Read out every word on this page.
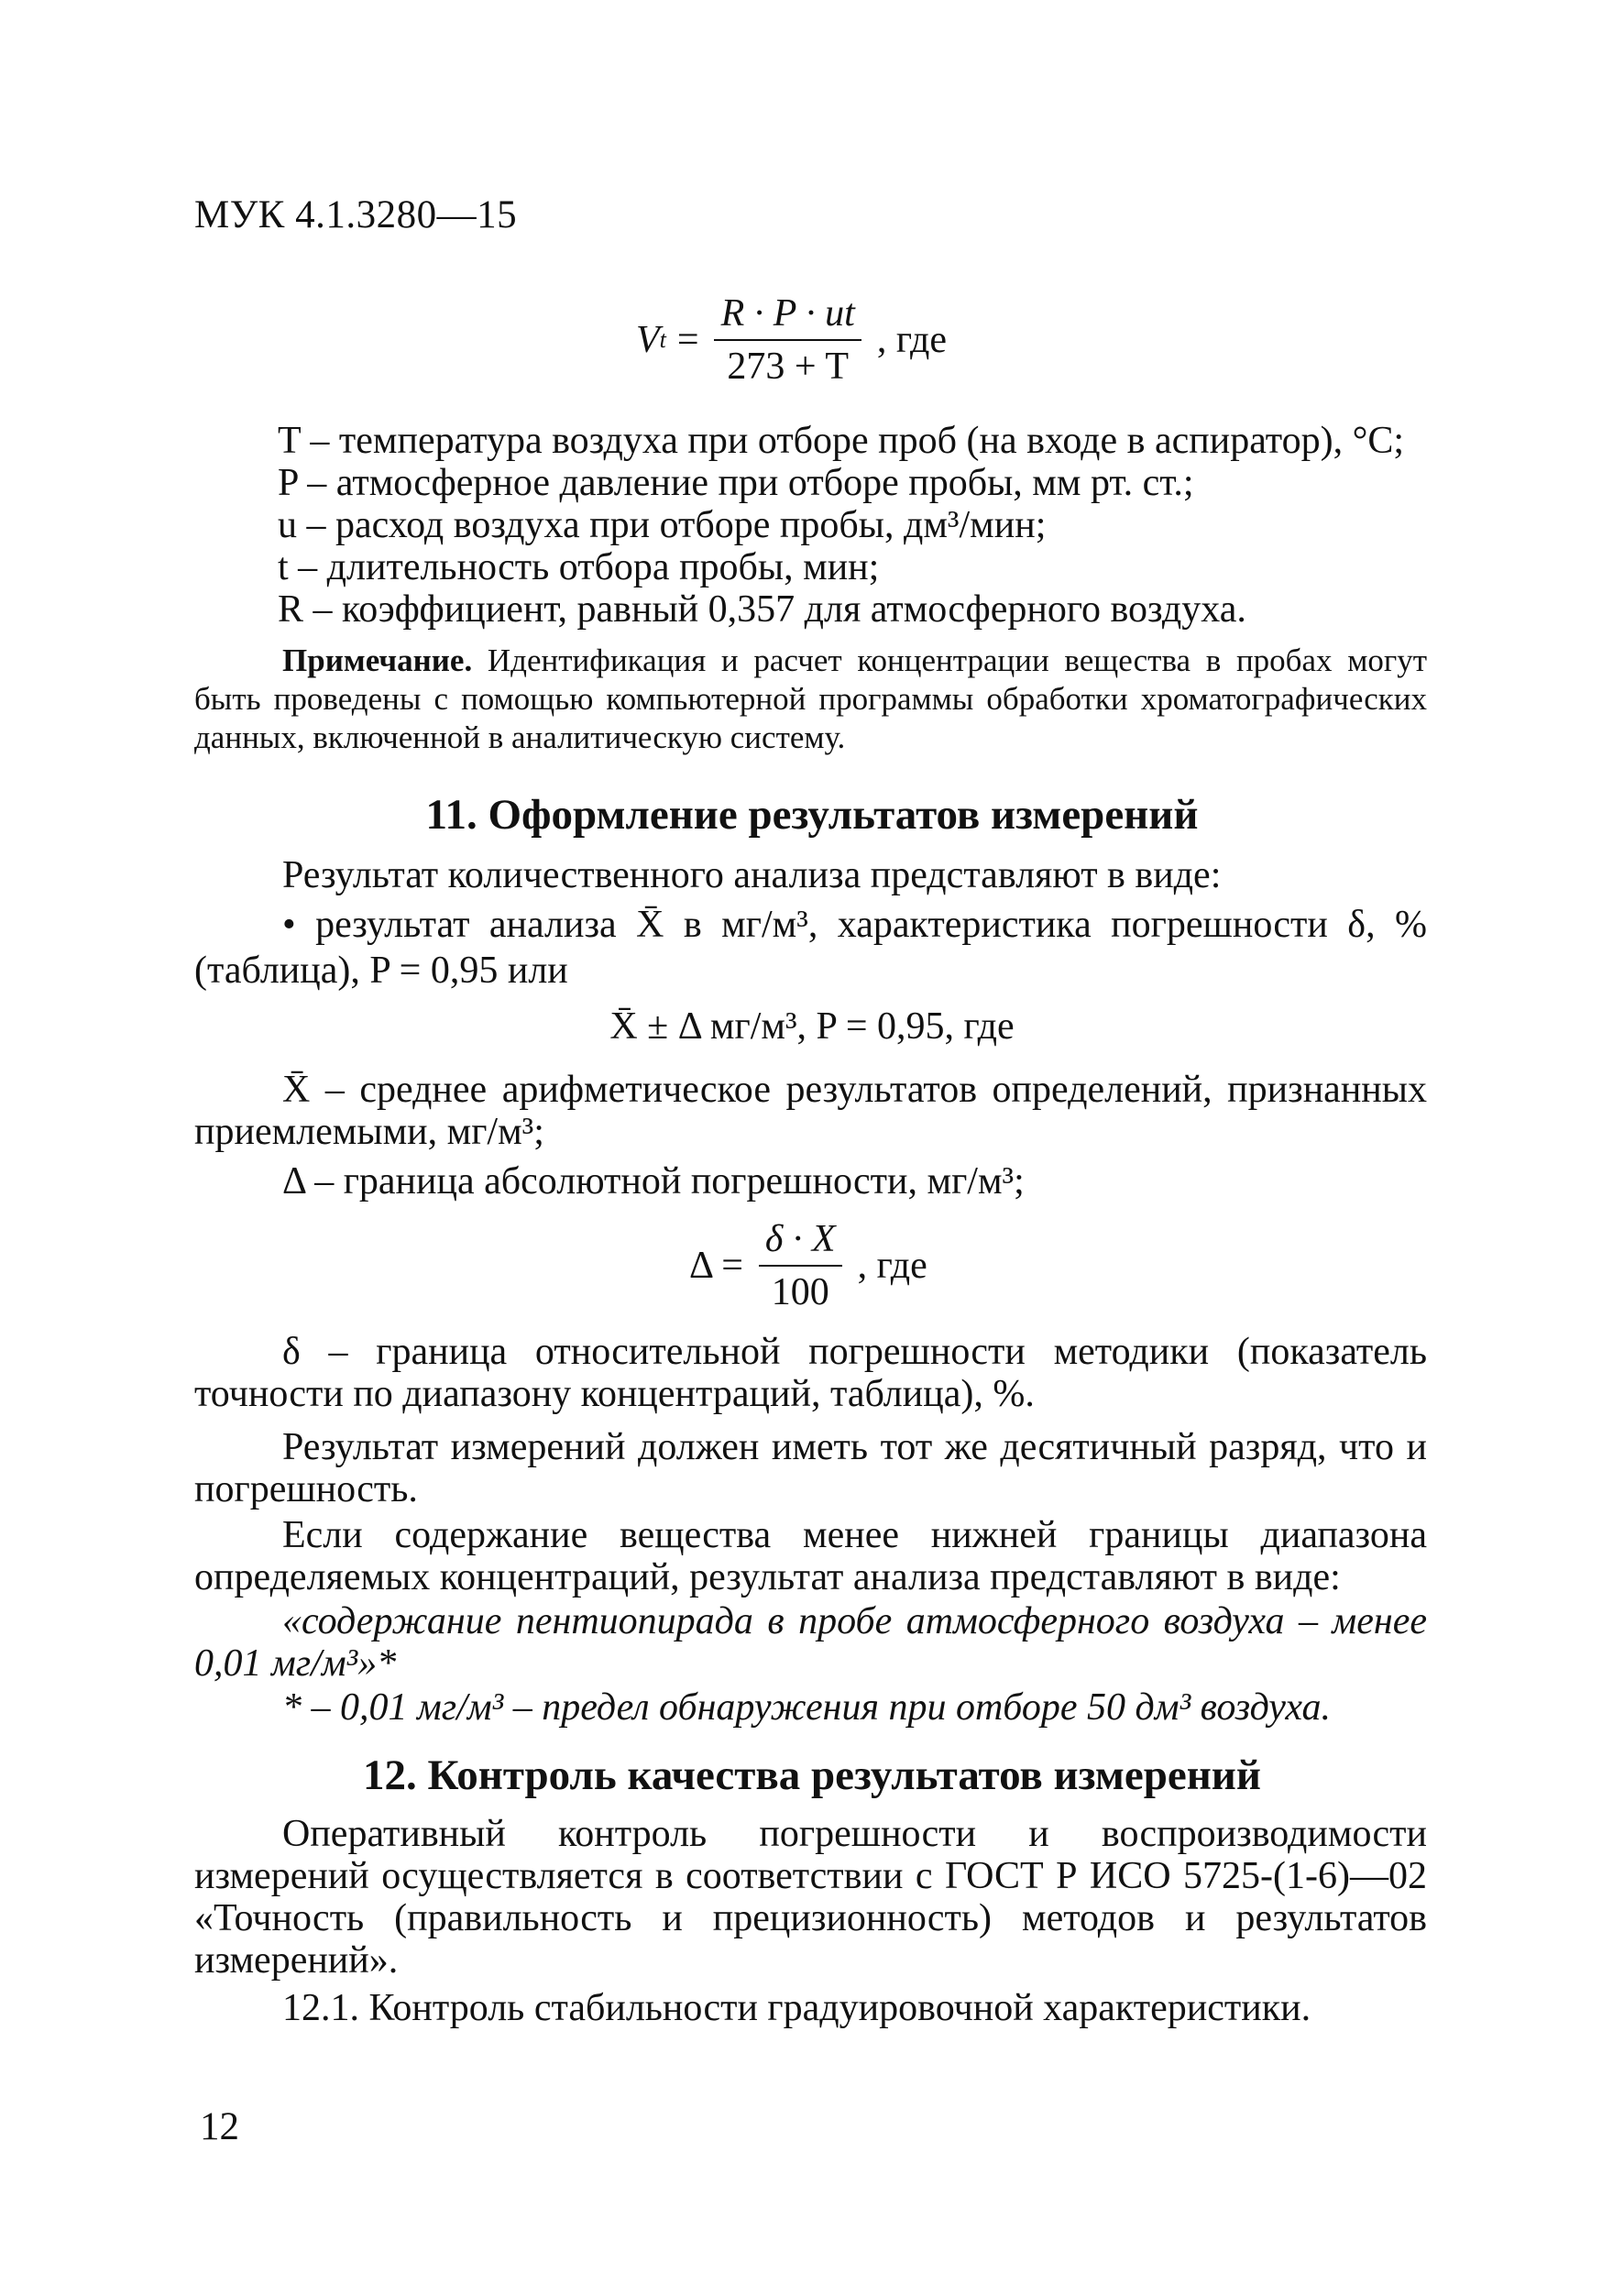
МУК 4.1.3280—15
V $t = \frac{R \cdot P \cdot ut}{273 + T}$ , где
T – температура воздуха при отборе проб (на входе в аспиратор), °C;
P – атмосферное давление при отборе пробы, мм рт. ст.;
u – расход воздуха при отборе пробы, дм³/мин;
t – длительность отбора пробы, мин;
R – коэффициент, равный 0,357 для атмосферного воздуха.
Примечание. Идентификация и расчет концентрации вещества в пробах могут быть проведены с помощью компьютерной программы обработки хроматографических данных, включенной в аналитическую систему.
11. Оформление результатов измерений
Результат количественного анализа представляют в виде:
• результат анализа X̄ в мг/м³, характеристика погрешности δ, %
(таблица), P = 0,95 или
X̄ ± Δ мг/м³, P = 0,95, где
X̄ – среднее арифметическое результатов определений, признанных приемлемыми, мг/м³;
Δ – граница абсолютной погрешности, мг/м³;
$\Delta = \frac{\delta \cdot X}{100}$ , где
δ – граница относительной погрешности методики (показатель точности по диапазону концентраций, таблица), %.
Результат измерений должен иметь тот же десятичный разряд, что и погрешность.
Если содержание вещества менее нижней границы диапазона определяемых концентраций, результат анализа представляют в виде:
«содержание пентиопирада в пробе атмосферного воздуха – менее 0,01 мг/м³»*
* – 0,01 мг/м³ – предел обнаружения при отборе 50 дм³ воздуха.
12. Контроль качества результатов измерений
Оперативный контроль погрешности и воспроизводимости измерений осуществляется в соответствии с ГОСТ Р ИСО 5725-(1-6)—02 «Точность (правильность и прецизионность) методов и результатов измерений».
12.1. Контроль стабильности градуировочной характеристики.
12
